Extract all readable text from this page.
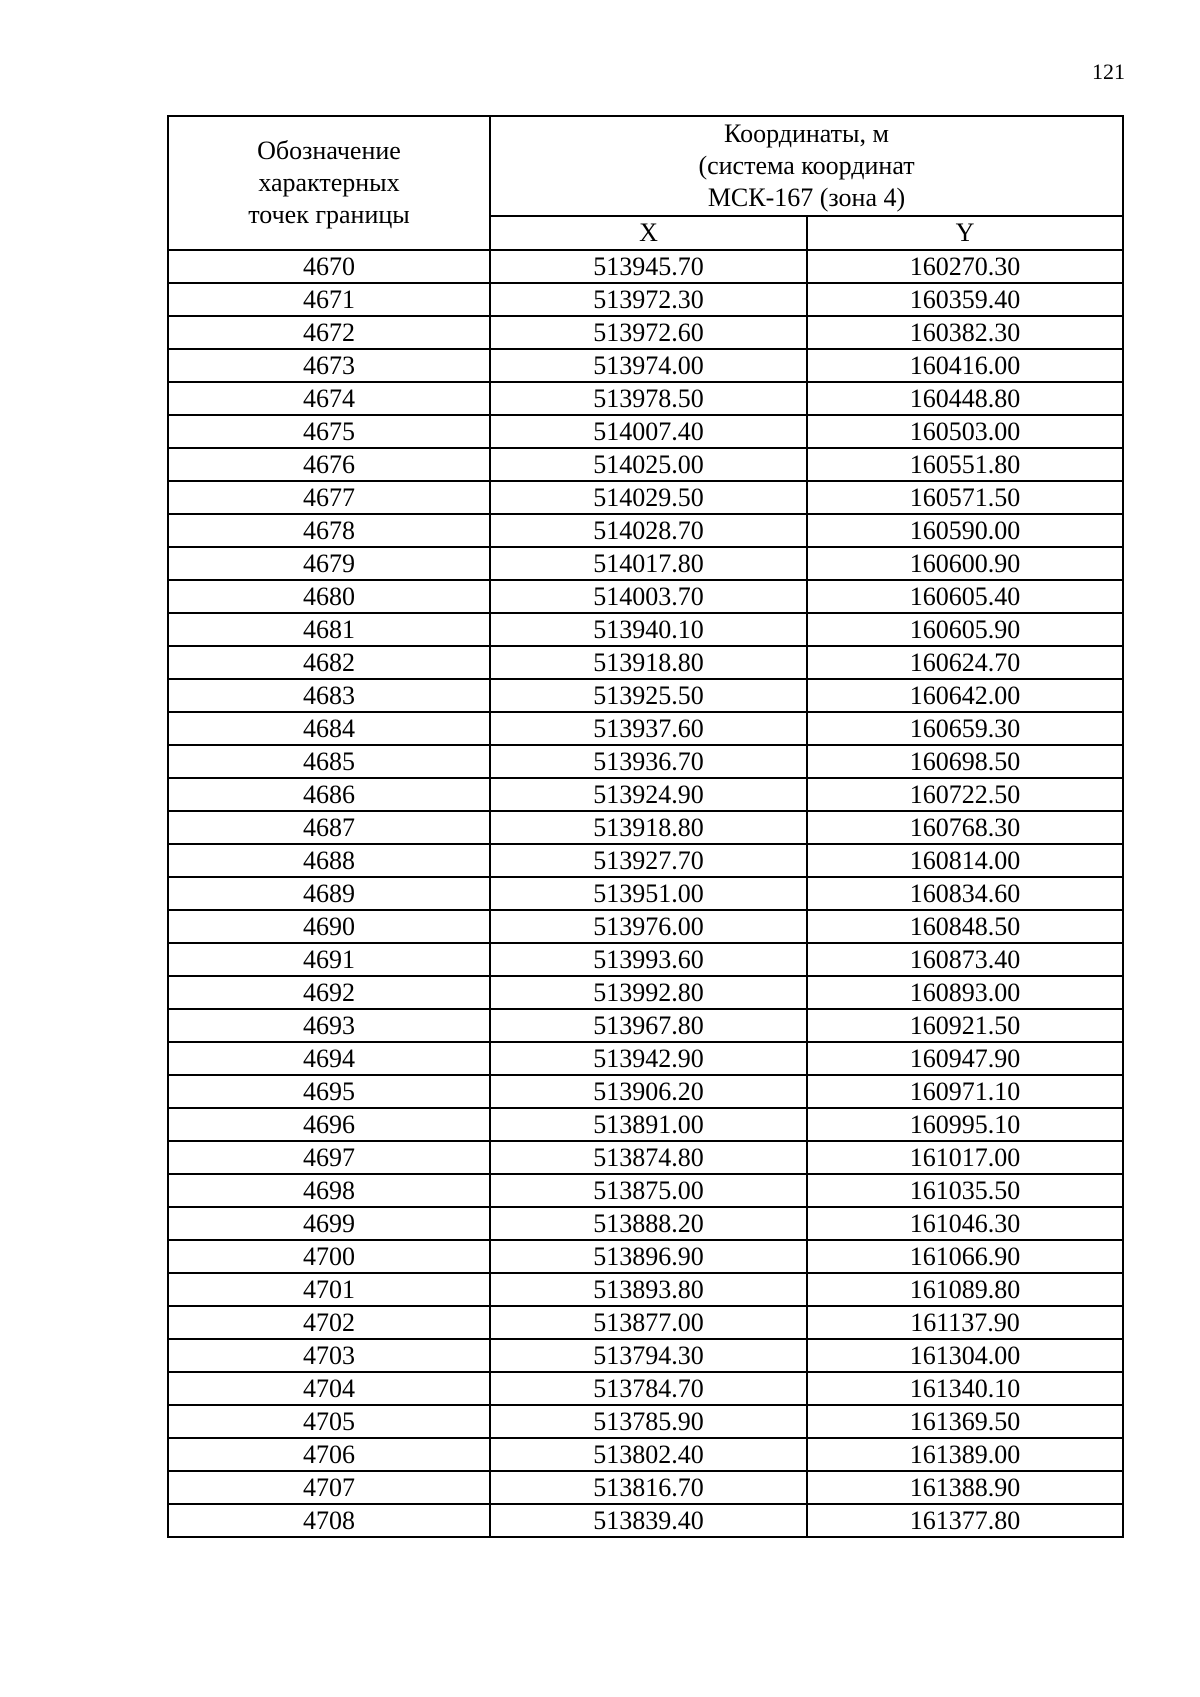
121
Обозначение
характерных
точек границы	Координаты, м
(система координат
МСК-167 (зона 4)	
	X	Y
4670	513945.70	160270.30
4671	513972.30	160359.40
4672	513972.60	160382.30
4673	513974.00	160416.00
4674	513978.50	160448.80
4675	514007.40	160503.00
4676	514025.00	160551.80
4677	514029.50	160571.50
4678	514028.70	160590.00
4679	514017.80	160600.90
4680	514003.70	160605.40
4681	513940.10	160605.90
4682	513918.80	160624.70
4683	513925.50	160642.00
4684	513937.60	160659.30
4685	513936.70	160698.50
4686	513924.90	160722.50
4687	513918.80	160768.30
4688	513927.70	160814.00
4689	513951.00	160834.60
4690	513976.00	160848.50
4691	513993.60	160873.40
4692	513992.80	160893.00
4693	513967.80	160921.50
4694	513942.90	160947.90
4695	513906.20	160971.10
4696	513891.00	160995.10
4697	513874.80	161017.00
4698	513875.00	161035.50
4699	513888.20	161046.30
4700	513896.90	161066.90
4701	513893.80	161089.80
4702	513877.00	161137.90
4703	513794.30	161304.00
4704	513784.70	161340.10
4705	513785.90	161369.50
4706	513802.40	161389.00
4707	513816.70	161388.90
4708	513839.40	161377.80
